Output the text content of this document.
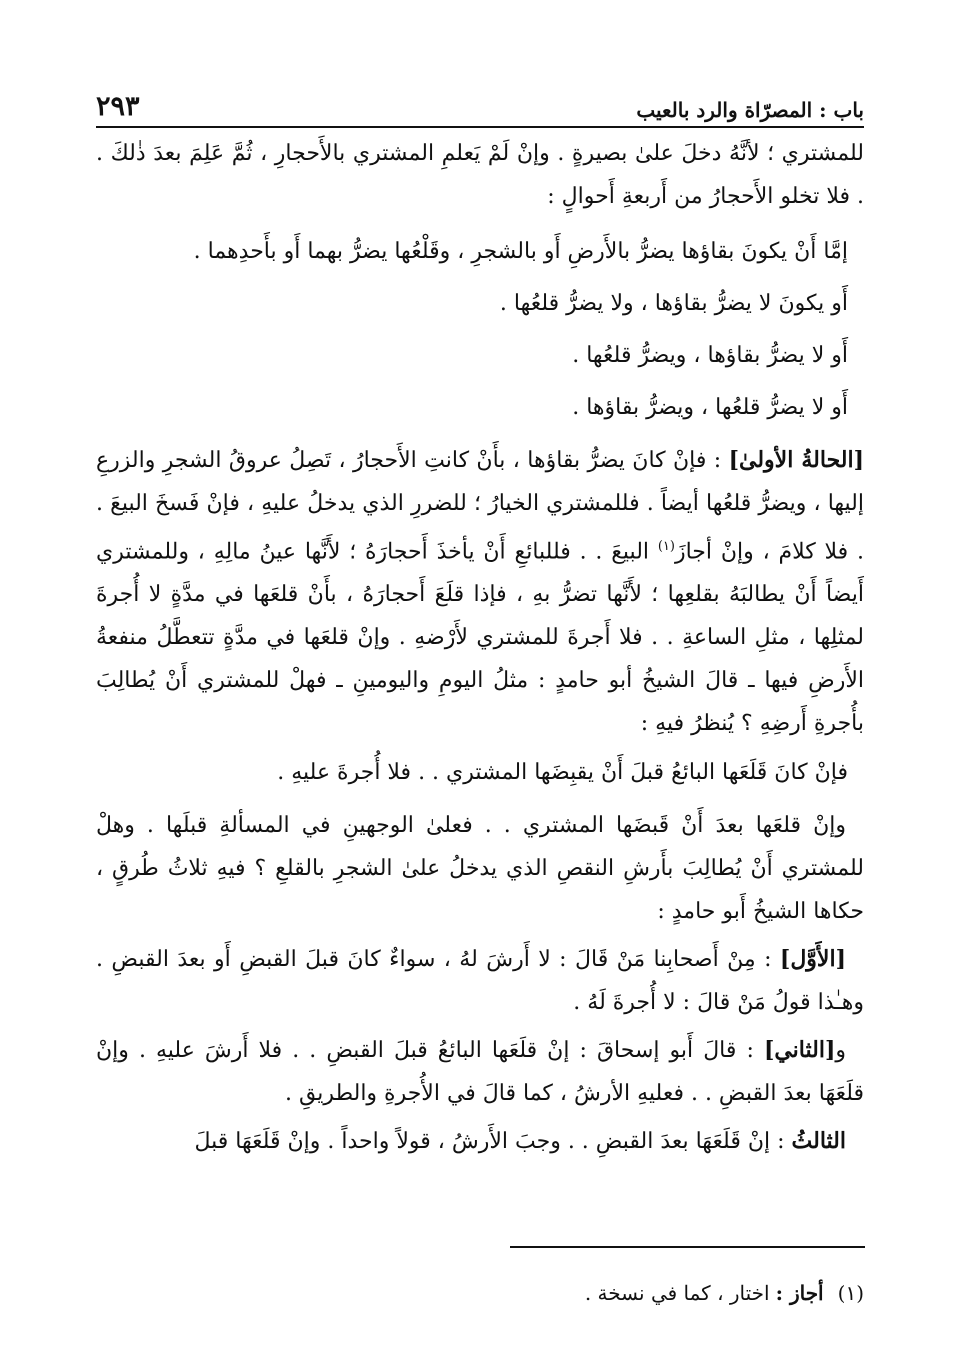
باب : المصرّاة والرد بالعيب
٢٩٣

للمشتري ؛ لأنَّهُ دخلَ علىٰ بصيرةٍ . وإنْ لَمْ يَعلمِ المشتري بالأَحجارِ ، ثُمَّ عَلِمَ بعدَ ذٰلكَ . . فلا تخلو الأَحجارُ من أَربعةِ أَحوالٍ :

إمَّا أَنْ يكونَ بقاؤها يضرُّ بالأَرضِ أَو بالشجرِ ، وقَلْعُها يضرُّ بهما أَو بأَحدِهما .

أَو يكونَ لا يضرُّ بقاؤها ، ولا يضرُّ قلعُها .

أَو لا يضرُّ بقاؤها ، ويضرُّ قلعُها .

أَو لا يضرُّ قلعُها ، ويضرُّ بقاؤها .

[الحالةُ الأولىٰ] : فإنْ كانَ يضرُّ بقاؤها ، بأَنْ كانتِ الأَحجارُ ، تَصِلُ عروقُ الشجرِ والزرعِ إليها ، ويضرُّ قلعُها أيضاً . فللمشتري الخيارُ ؛ للضررِ الذي يدخلُ عليهِ ، فإنْ فَسخَ البيعَ . . فلا كلامَ ، وإنْ أجازَ$^{(١)}$ البيعَ . . فللبائعِ أَنْ يأخذَ أَحجارَهُ ؛ لأَنَّها عينُ مالِهِ ، وللمشتري أَيضاً أَنْ يطالبَهُ بقلعِها ؛ لأَنَّها تضرُّ بهِ ، فإذا قلَعَ أَحجارَهُ ، بأَنْ قلعَها في مدَّةٍ لا أُجرةَ لمثلِها ، مثلِ الساعةِ . . فلا أَجرةَ للمشتري لأَرْضهِ . وإنْ قلعَها في مدَّةٍ تتعطَّلُ منفعةُ الأَرضِ فيها ـ قالَ الشيخُ أبو حامدٍ : مثلُ اليومِ واليومينِ ـ فهلْ للمشتري أَنْ يُطالِبَ بأُجرةِ أَرضِهِ ؟ يُنظرُ فيهِ :

فإنْ كانَ قَلَعَها البائعُ قبلَ أَنْ يقبِضَها المشتري . . فلا أُجرةَ عليهِ .

وإنْ قلعَها بعدَ أَنْ قَبضَها المشتري . . فعلىٰ الوجهينِ في المسألةِ قبلَها . وهلْ للمشتري أَنْ يُطالِبَ بأَرشِ النقصِ الذي يدخلُ علىٰ الشجرِ بالقلعِ ؟ فيهِ ثلاثُ طُرقٍ ، حكاها الشيخُ أَبو حامدٍ :

[الأَوَّل] : مِنْ أَصحابِنا مَنْ قَالَ : لا أَرشَ لهُ ، سواءٌ كانَ قبلَ القبضِ أَو بعدَ القبضِ . وهـٰذا قولُ مَنْ قالَ : لا أُجرةَ لَهُ .

و[الثاني] : قالَ أَبو إسحاقَ : إنْ قلَعَها البائعُ قبلَ القبضِ . . فلا أَرشَ عليهِ . وإنْ قلَعَهَا بعدَ القبضِ . . فعليهِ الأرشُ ، كما قالَ في الأُجرةِ والطريقِ .

الثالثُ : إنْ قَلَعَهَا بعدَ القبضِ . . وجبَ الأَرشُ ، قولاً واحداً . وإنْ قَلَعَهَا قبلَ

(١)أجاز :اختار ، كما في نسخة .
